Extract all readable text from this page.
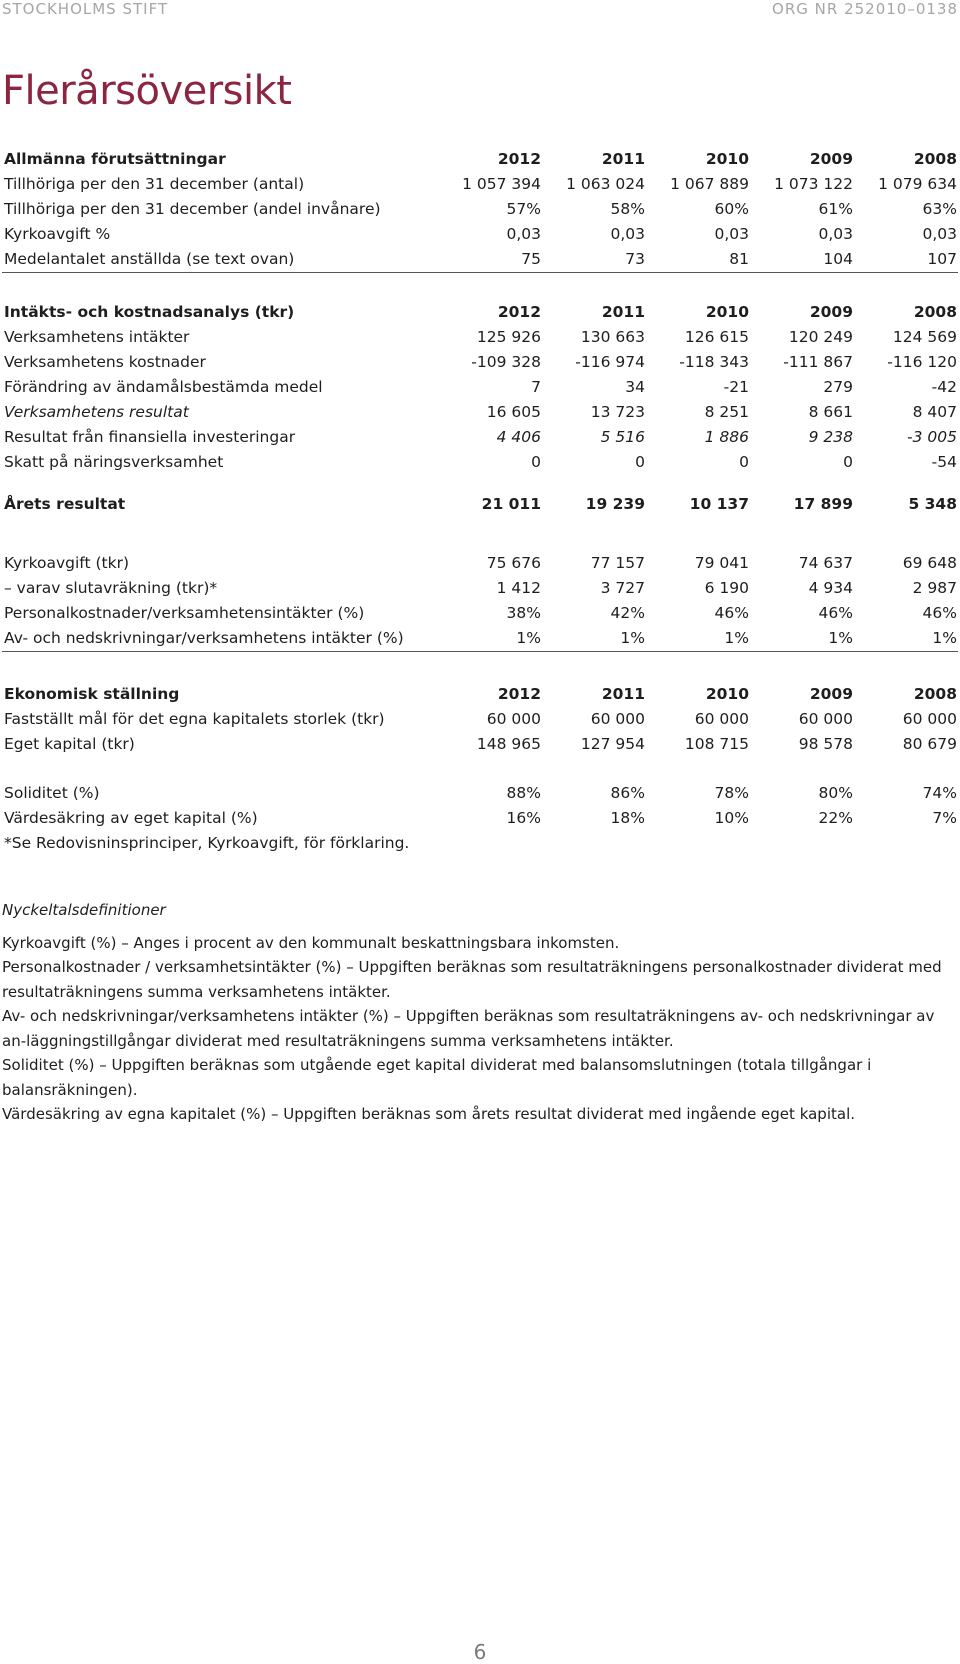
STOCKHOLMS STIFT	ORG NR 252010–0138
Flerårsöversikt
Allmänna förutsättningar	2012	2011	2010	2009	2008
Tillhöriga per den 31 december (antal)	1 057 394	1 063 024	1 067 889	1 073 122	1 079 634
Tillhöriga per den 31 december (andel invånare)	57%	58%	60%	61%	63%
Kyrkoavgift %	0,03	0,03	0,03	0,03	0,03
Medelantalet anställda (se text ovan)	75	73	81	104	107
Intäkts- och kostnadsanalys (tkr)	2012	2011	2010	2009	2008
Verksamhetens intäkter	125 926	130 663	126 615	120 249	124 569
Verksamhetens kostnader	-109 328	-116 974	-118 343	-111 867	-116 120
Förändring av ändamålsbestämda medel	7	34	-21	279	-42
Verksamhetens resultat	16 605	13 723	8 251	8 661	8 407
Resultat från finansiella investeringar	4 406	5 516	1 886	9 238	-3 005
Skatt på näringsverksamhet	0	0	0	0	-54
Årets resultat	21 011	19 239	10 137	17 899	5 348
Kyrkoavgift (tkr)	75 676	77 157	79 041	74 637	69 648
– varav slutavräkning (tkr)*	1 412	3 727	6 190	4 934	2 987
Personalkostnader/verksamhetensintäkter (%)	38%	42%	46%	46%	46%
Av- och nedskrivningar/verksamhetens intäkter (%)	1%	1%	1%	1%	1%
Ekonomisk ställning	2012	2011	2010	2009	2008
Fastställt mål för det egna kapitalets storlek (tkr)	60 000	60 000	60 000	60 000	60 000
Eget kapital (tkr)	148 965	127 954	108 715	98 578	80 679
Soliditet (%)	88%	86%	78%	80%	74%
Värdesäkring av eget kapital (%)	16%	18%	10%	22%	7%
*Se Redovisninsprinciper, Kyrkoavgift, för förklaring.

Nyckeltalsdefinitioner

Kyrkoavgift (%) – Anges i procent av den kommunalt beskattningsbara inkomsten.

Personalkostnader / verksamhetsintäkter (%) – Uppgiften beräknas som resultaträkningens personalkostnader dividerat med resultaträkningens summa verksamhetens intäkter.

Av- och nedskrivningar/verksamhetens intäkter (%) – Uppgiften beräknas som resultaträkningens av- och nedskrivningar av an-läggningstillgångar dividerat med resultaträkningens summa verksamhetens intäkter.

Soliditet (%) – Uppgiften beräknas som utgående eget kapital dividerat med balansomslutningen (totala tillgångar i balansräkningen).

Värdesäkring av egna kapitalet (%) – Uppgiften beräknas som årets resultat dividerat med ingående eget kapital.

6
